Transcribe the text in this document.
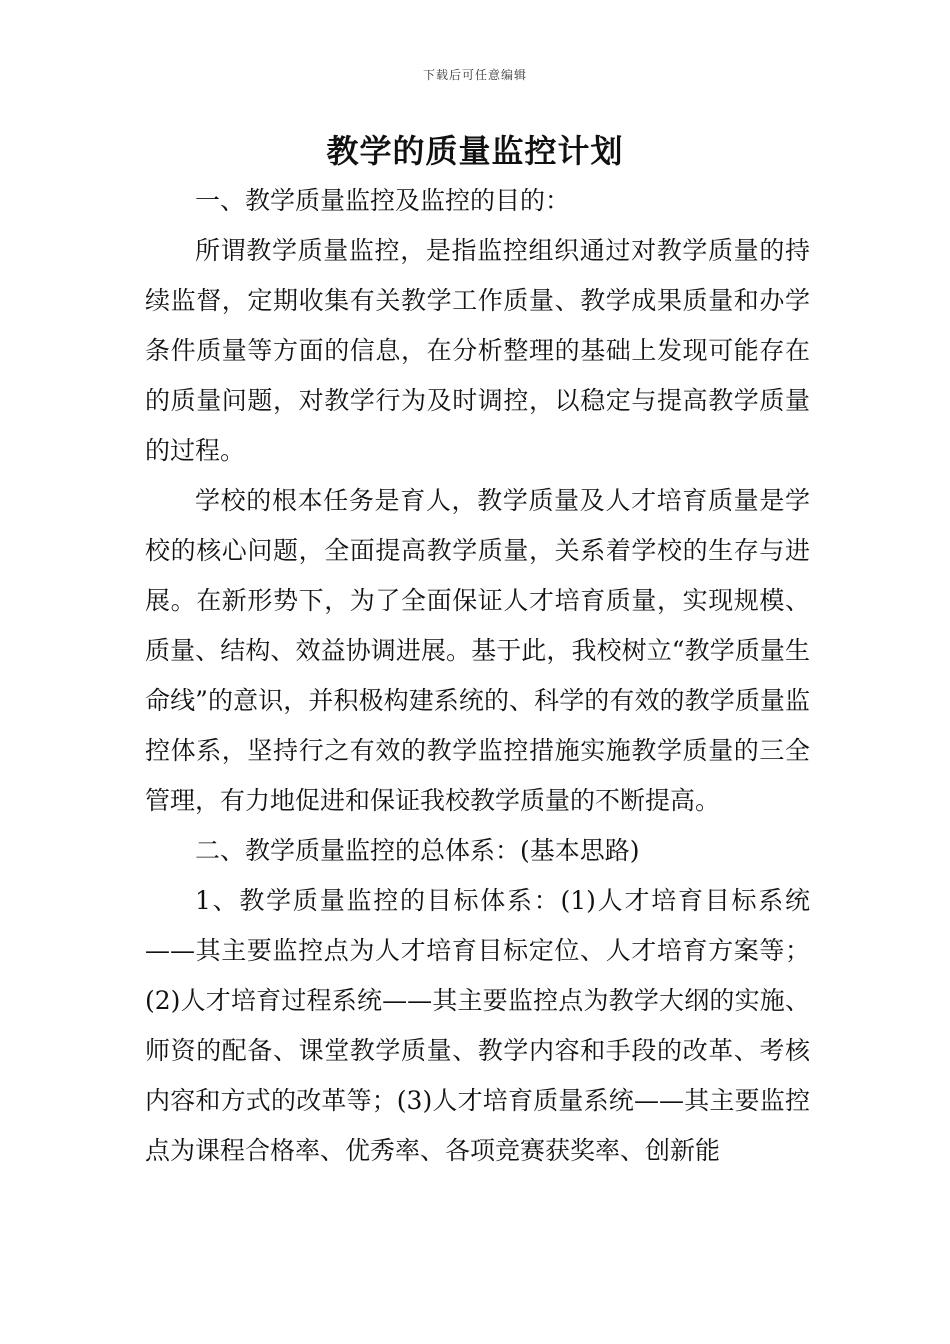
下载后可任意编辑
教学的质量监控计划

一、教学质量监控及监控的目的：

所谓教学质量监控，是指监控组织通过对教学质量的持续监督，定期收集有关教学工作质量、教学成果质量和办学条件质量等方面的信息，在分析整理的基础上发现可能存在的质量问题，对教学行为及时调控，以稳定与提高教学质量的过程。

学校的根本任务是育人，教学质量及人才培育质量是学校的核心问题，全面提高教学质量，关系着学校的生存与进展。在新形势下，为了全面保证人才培育质量，实现规模、质量、结构、效益协调进展。基于此，我校树立“教学质量生命线”的意识，并积极构建系统的、科学的有效的教学质量监控体系，坚持行之有效的教学监控措施实施教学质量的三全管理，有力地促进和保证我校教学质量的不断提高。

二、教学质量监控的总体系：(基本思路)

1、教学质量监控的目标体系：(1)人才培育目标系统——其主要监控点为人才培育目标定位、人才培育方案等；(2)人才培育过程系统——其主要监控点为教学大纲的实施、师资的配备、课堂教学质量、教学内容和手段的改革、考核内容和方式的改革等；(3)人才培育质量系统——其主要监控点为课程合格率、优秀率、各项竞赛获奖率、创新能
